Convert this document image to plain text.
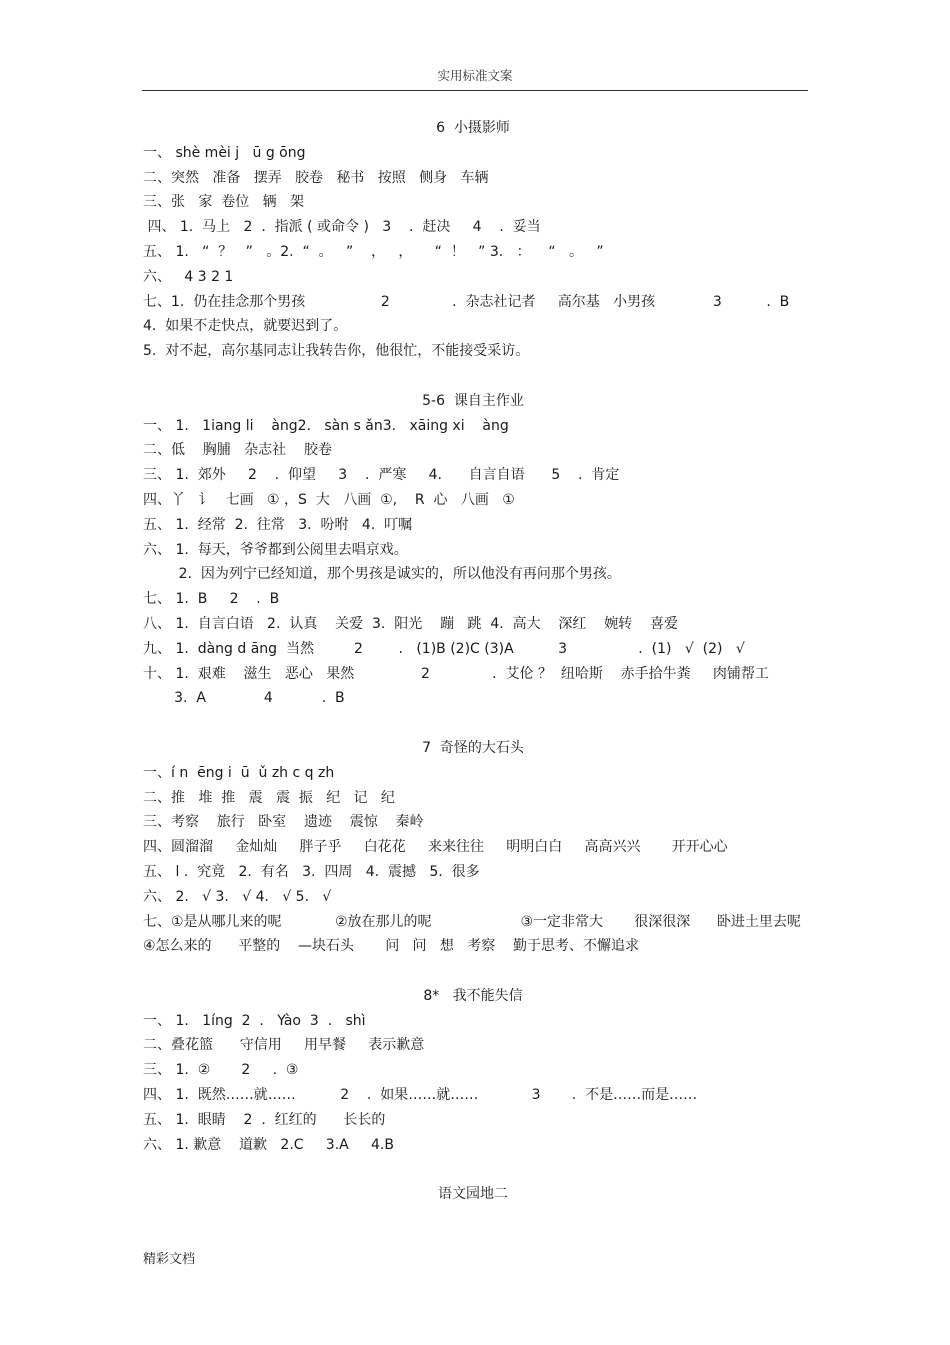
实用标准文案
6  小摄影师
一、 shè mèi j   ū g ōng
二、突然   准备   摆弄   胶卷   秘书   按照   侧身   车辆
三、张   家  卷位   辆   架
四、 1.  马上   2  .  指派 ( 或命令 )   3    .  赶决     4    .  妥当
五、 1.   “  ？   ”   。2.  “  。   ”    ，   ，     “  ！   ” 3.   ：    “   。   ”
六、   4 3 2 1
七、1.  仍在挂念那个男孩                 2              .  杂志社记者     高尔基   小男孩             3          .  B
4.  如果不走快点，就要迟到了。
5.  对不起，高尔基同志让我转告你，他很忙，不能接受采访。
5-6  课自主作业
一、 1.   1iang li    àng2.   sàn s ǎn3.   xāing xi    àng
二、低    胸脯   杂志社    胶卷
三、 1.  郊外     2    .  仰望     3    .  严寒     4.      自言自语      5    .  肯定
四、丫   讠   七画   ① ，S  大   八画  ①,    R  心   八画   ①
五、 1.  经常  2.  往常   3.  吩咐   4.  叮嘱
六、 1.  每天，爷爷都到公阅里去唱京戏。
2.  因为列宁已经知道，那个男孩是诚实的，所以他没有再问那个男孩。
七、 1.  B     2    .  B
八、 1.  自言白语   2.  认真    关爱  3.  阳光    蹦   跳  4.  高大    深红    婉转    喜爱
九、 1.  dàng d āng  当然         2        .   (1)B (2)C (3)A          3                .  (1)   √  (2)   √
十、 1.  艰难    滋生   恶心   果然               2              .  艾伦 ？  纽哈斯    赤手拾牛粪     肉铺帮工
3.  A             4           .  B
7  奇怪的大石头
一、í n  ēng i  ū  ǔ zh c q zh
二、推   堆  推   震   震  振   纪   记   纪
三、考察    旅行   卧室    遗迹    震惊    秦岭
四、圆溜溜     金灿灿     胖子乎     白花花     来来往往     明明白白     高高兴兴       开开心心
五、 l .  究竟   2.  有名   3.  四周   4.  震撼   5.  很多
六、 2.   √ 3.   √ 4.   √ 5.   √
七、①是从哪儿来的呢            ②放在那儿的呢                    ③一定非常大       很深很深      卧进土里去呢
④怎么来的      平整的    —块石头       问   问   想   考察    勤于思考、不懈追求
8*   我不能失信
一、 1.   1íng  2  .   Yào  3  .   shì
二、叠花篮      守信用     用早餐     表示歉意
三、 1.  ②       2     .  ③
四、 1.  既然……就……          2    .  如果……就……            3       .  不是……而是……
五、 1.  眼睛    2  .  红红的      长长的
六、 1. 歉意    道歉   2.C     3.A     4.B
语文园地二
精彩文档
